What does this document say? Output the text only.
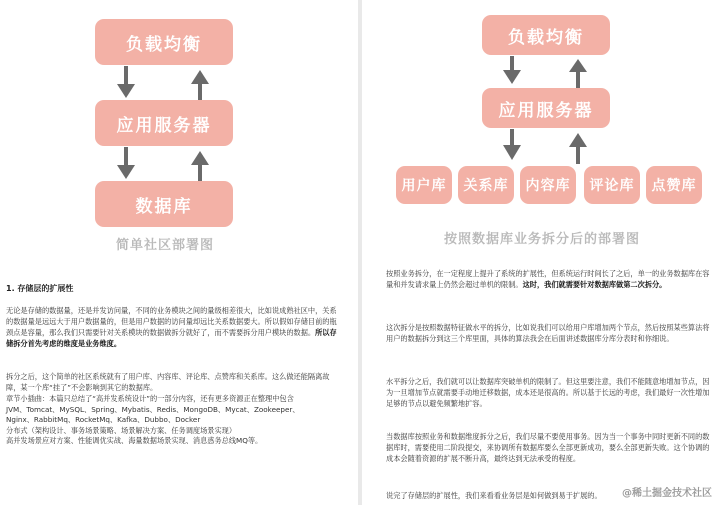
负载均衡
应用服务器
数据库
简单社区部署图
1. 存储层的扩展性

无论是存储的数据量，还是并发访问量，不同的业务模块之间的量级相差很大，比如说成熟社区中，关系的数据量是远远大于用户数据量的，但是用户数据的访问量却远比关系数据要大。所以假如存储目前的瓶颈点是容量，那么我们只需要针对关系模块的数据做拆分就好了，而不需要拆分用户模块的数据。所以存储拆分首先考虑的维度是业务维度。

拆分之后，这个简单的社区系统就有了用户库、内容库、评论库、点赞库和关系库。这么做还能隔离故障，某一个库“挂了”不会影响到其它的数据库。

章节小插曲：本篇只总结了“高并发系统设计”的一部分内容，还有更多资源正在整理中包含
JVM、Tomcat、MySQL、Spring、Mybatis、Redis、MongoDB、Mycat、Zookeeper、
Nginx、RabbitMq、RocketMq、Kafka、Dubbo、Docker
分布式（架构设计、事务场景策略、场景解决方案、任务调度场景实现）
高并发场景应对方案、性能调优实战、海量数据场景实现、消息惑务总线MQ等。
负载均衡
应用服务器
用户库	关系库	内容库	评论库	点赞库
按照数据库业务拆分后的部署图

按照业务拆分，在一定程度上提升了系统的扩展性，但系统运行时间长了之后，单一的业务数据库在容量和并发请求量上仍然会超过单机的限制。这时，我们就需要针对数据库做第二次拆分。

这次拆分是按照数据特征做水平的拆分，比如说我们可以给用户库增加两个节点，然后按照某些算法将用户的数据拆分到这三个库里面，具体的算法我会在后面讲述数据库分库分表时和你细说。

水平拆分之后，我们就可以让数据库突破单机的限制了。但这里要注意，我们不能随意地增加节点，因为一旦增加节点就需要手动地迁移数据，成本还是很高的。所以基于长远的考虑，我们最好一次性增加足够的节点以避免频繁地扩容。

当数据库按照业务和数据维度拆分之后，我们尽量不要使用事务。因为当一个事务中同时更新不同的数据库时，需要使用二阶段提交，来协调所有数据库要么全部更新成功，要么全部更新失败。这个协调的成本会随着资源的扩展不断升高，最终达到无法承受的程度。

说完了存储层的扩展性，我们来看看业务层是如何做到易于扩展的。	@稀土掘金技术社区
